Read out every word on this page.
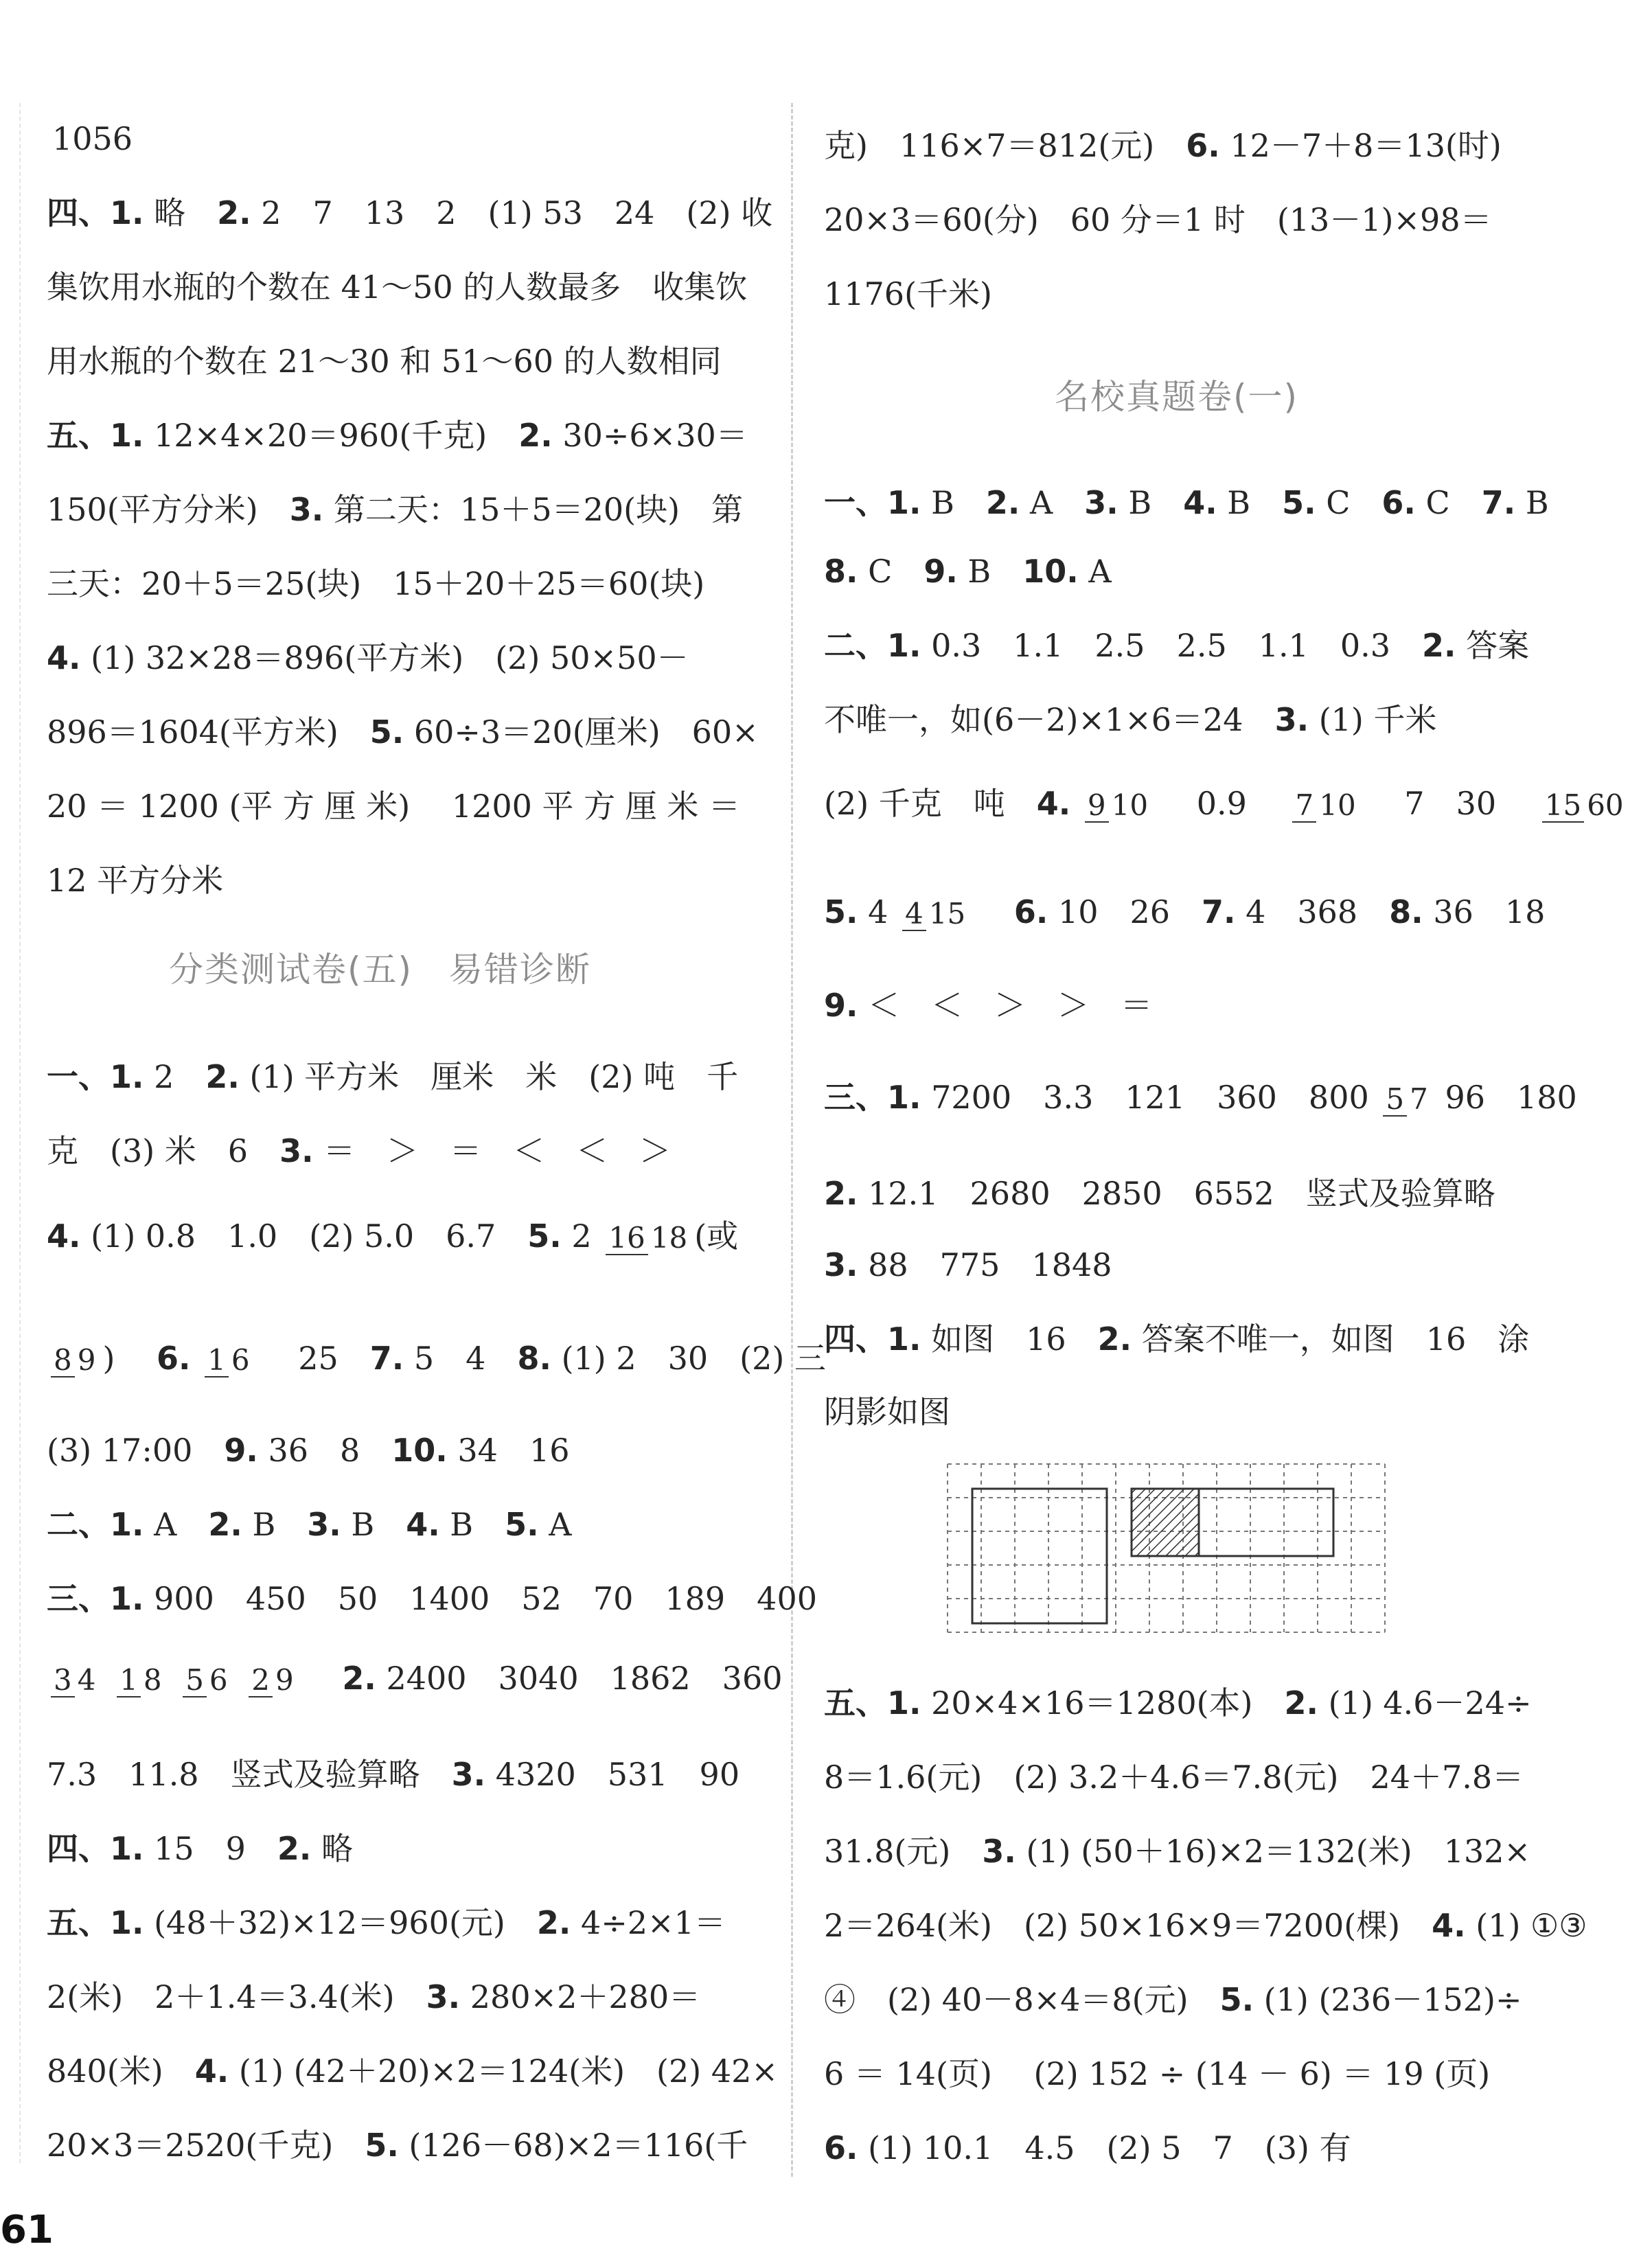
1056
四、1. 略　 2. 2　7　13　2　(1) 53　24　(2) 收
集饮用水瓶的个数在 41～50 的人数最多　收集饮
用水瓶的个数在 21～30 和 51～60 的人数相同
五、1. 12×4×20＝960(千克)　 2. 30÷6×30＝
150(平方分米)　 3. 第二天：15＋5＝20(块)　第
三天：20＋5＝25(块)　15＋20＋25＝60(块)
4. (1) 32×28＝896(平方米)　(2) 50×50－
896＝1604(平方米)　 5. 60÷3＝20(厘米)　60×
20 ＝ 1200 (平 方 厘 米)　 1200 平 方 厘 米 ＝
12 平方分米
分类测试卷(五)　易错诊断
一、1. 2　 2. (1) 平方米　厘米　米　(2) 吨　千
克　(3) 米　6　 3. ＝　＞　＝　＜　＜　＞
4. (1) 0.8　1.0　(2) 5.0　6.7　 5. 2 16 18 (或
8 9 ) 　 6. 1 6 　 25　 7. 5　4　 8. (1) 2　30　(2) 三
(3) 17:00　 9. 36　8　 10. 34　16
二、1. A　 2. B　 3. B　 4. B　 5. A
三、1. 900　450　50　1400　52　70　189　400
3 4 1 8 5 6 2 9 　 2. 2400　3040　1862　360
7.3　11.8　竖式及验算略　 3. 4320　531　90
四、1. 15　9　 2. 略
五、1. (48＋32)×12＝960(元)　 2. 4÷2×1＝
2(米)　2＋1.4＝3.4(米)　 3. 280×2＋280＝
840(米)　 4. (1) (42＋20)×2＝124(米)　(2) 42×
20×3＝2520(千克)　 5. (126－68)×2＝116(千
克)　116×7＝812(元)　 6. 12－7＋8＝13(时)
20×3＝60(分)　60 分＝1 时　(13－1)×98＝
1176(千米)
名校真题卷(一)
一、1. B　 2. A　 3. B　 4. B　 5. C　 6. C　 7. B
8. C　 9. B　 10. A
二、1. 0.3　1.1　2.5　2.5　1.1　0.3　 2. 答案
不唯一，如(6－2)×1×6＝24　 3. (1) 千米
(2) 千克　吨　 4. 9 10 　 0.9　 7 10 　 7　30　 15 60
5. 4 4 15 　 6. 10　26　 7. 4　368　 8. 36　18
9. ＜　＜　＞　＞　＝
三、1. 7200　3.3　121　360　800 5 7 96　180
2. 12.1　2680　2850　6552　竖式及验算略
3. 88　775　1848
四、1. 如图　16　 2. 答案不唯一，如图　16　涂
阴影如图
五、1. 20×4×16＝1280(本)　 2. (1) 4.6－24÷
8＝1.6(元)　(2) 3.2＋4.6＝7.8(元)　24＋7.8＝
31.8(元)　 3. (1) (50＋16)×2＝132(米)　132×
2＝264(米)　(2) 50×16×9＝7200(棵)　 4. (1) ①③
④　(2) 40－8×4＝8(元)　 5. (1) (236－152)÷
6 ＝ 14(页)　 (2) 152 ÷ (14 － 6) ＝ 19 (页)
6. (1) 10.1　4.5　(2) 5　7　(3) 有
61
